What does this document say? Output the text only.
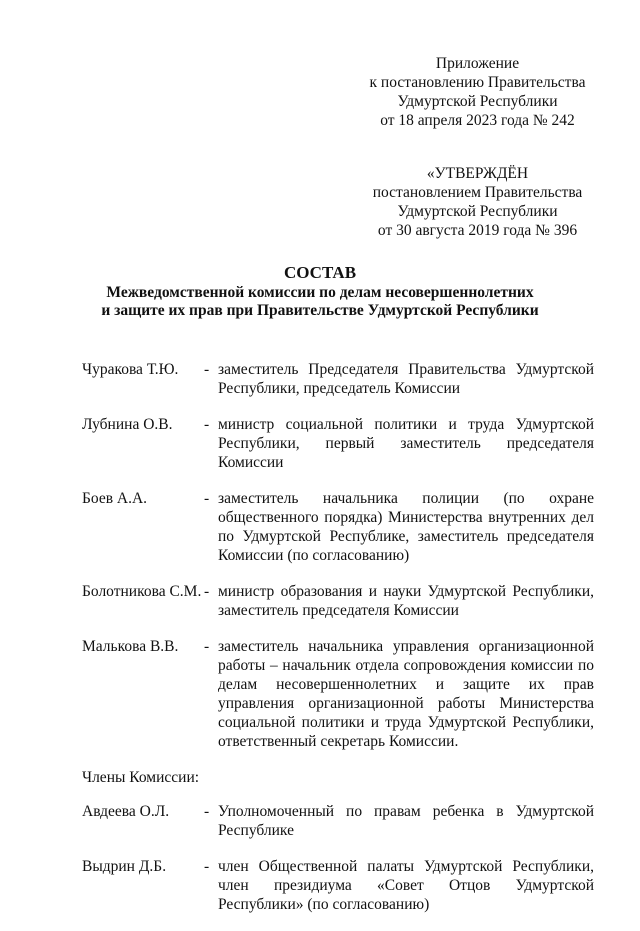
Приложение
к постановлению Правительства
Удмуртской Республики
от 18 апреля 2023 года № 242
«УТВЕРЖДЁН
постановлением Правительства
Удмуртской Республики
от 30 августа 2019 года № 396
СОСТАВ
Межведомственной комиссии по делам несовершеннолетних
и защите их прав при Правительстве Удмуртской Республики
Чуракова Т.Ю.	- заместитель Председателя Правительства Удмуртской Республики, председатель Комиссии
Лубнина О.В.	- министр социальной политики и труда Удмуртской Республики, первый заместитель председателя Комиссии
Боев А.А.	- заместитель начальника полиции (по охране общественного порядка) Министерства внутренних дел по Удмуртской Республике, заместитель председателя Комиссии (по согласованию)
Болотникова С.М. - министр образования и науки Удмуртской Республики, заместитель председателя Комиссии
Малькова В.В.	- заместитель начальника управления организационной работы – начальник отдела сопровождения комиссии по делам несовершеннолетних и защите их прав управления организационной работы Министерства социальной политики и труда Удмуртской Республики, ответственный секретарь Комиссии.
Члены Комиссии:
Авдеева О.Л.	- Уполномоченный по правам ребенка в Удмуртской Республике
Выдрин Д.Б.	- член Общественной палаты Удмуртской Республики, член президиума «Совет Отцов Удмуртской Республики» (по согласованию)
